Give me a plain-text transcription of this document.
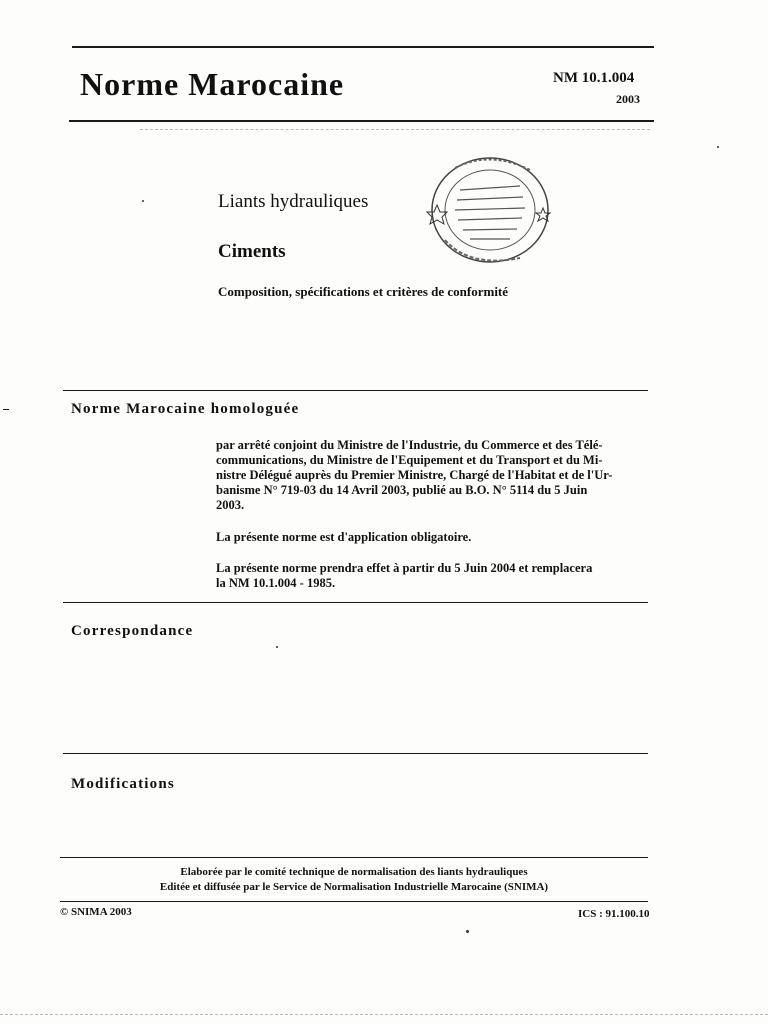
Norme Marocaine	NM 10.1.004
2003
Liants hydrauliques
Ciments
Composition, spécifications et critères de conformité
Norme Marocaine homologuée
par arrêté conjoint du Ministre de l'Industrie, du Commerce et des Télé-
communications, du Ministre de l'Equipement et du Transport et du Mi-
nistre Délégué auprès du Premier Ministre, Chargé de l'Habitat et de l'Ur-
banisme N° 719-03 du 14 Avril 2003, publié au B.O. N° 5114 du 5 Juin
2003.
La présente norme est d'application obligatoire.
La présente norme prendra effet à partir du 5 Juin 2004 et remplacera
la NM 10.1.004 - 1985.
Correspondance
Modifications
Elaborée par le comité technique de normalisation des liants hydrauliques
Editée et diffusée par le Service de Normalisation Industrielle Marocaine (SNIMA)
© SNIMA 2003	ICS : 91.100.10
